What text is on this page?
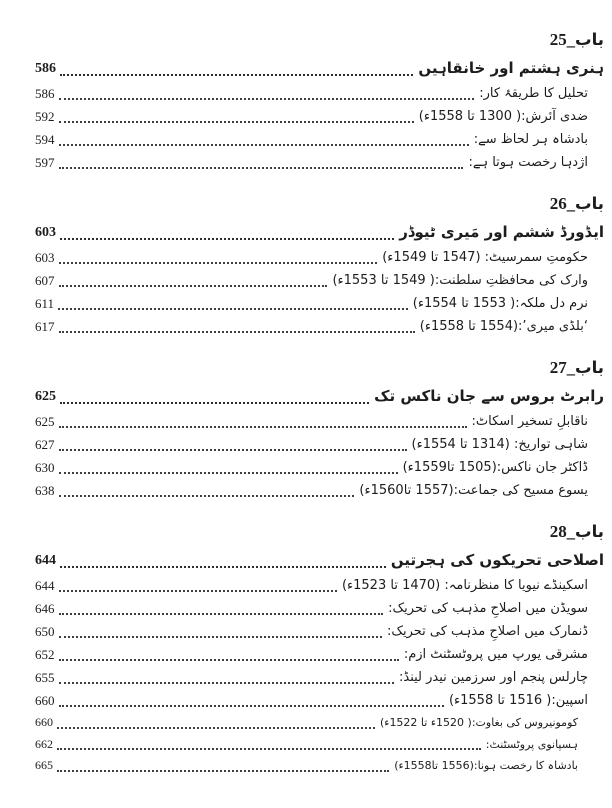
باب_25
ہنری ہشتم اور خانقاہیں
586
تحلیل کا طریقۂ کار:
586
ضدی آئرش:( 1300 تا 1558ء)
592
بادشاہ ہر لحاظ سے:
594
اژدہا رخصت ہوتا ہے:
597
باب_26
ایڈورڈ ششم اور مَیری ٹیوڈر
603
حکومتِ سمرسیٹ: (1547 تا 1549ء)
603
وارک کی محافظتِ سلطنت:( 1549 تا 1553ء)
607
نرم دل ملکہ:( 1553 تا 1554ء)
611
‘بلڈی میری’:(1554 تا 1558ء)
617
باب_27
رابرٹ بروس سے جان ناکس تک
625
ناقابلِ تسخیر اسکاٹ:
625
شاہی تواریخ: (1314 تا 1554ء)
627
ڈاکٹر جان ناکس:(1505 تا1559ء)
630
یسوع مسیح کی جماعت:(1557 تا1560ء)
638
باب_28
اصلاحی تحریکوں کی ہجرتیں
644
اسکینڈے نیویا کا منظرنامہ: (1470 تا 1523ء)
644
سویڈن میں اصلاحِ مذہب کی تحریک:
646
ڈنمارک میں اصلاحِ مذہب کی تحریک:
650
مشرقی یورپ میں پروٹسٹنٹ ازم:
652
چارلس پنجم اور سرزمین نیدر لینڈ:
655
اسپین:( 1516 تا 1558ء)
660
کومونیروس کی بغاوت:( 1520ء تا 1522ء)
660
ہسپانوی پروٹسٹنٹ:
662
بادشاہ کا رخصت ہونا:(1556 تا1558ء)
665
